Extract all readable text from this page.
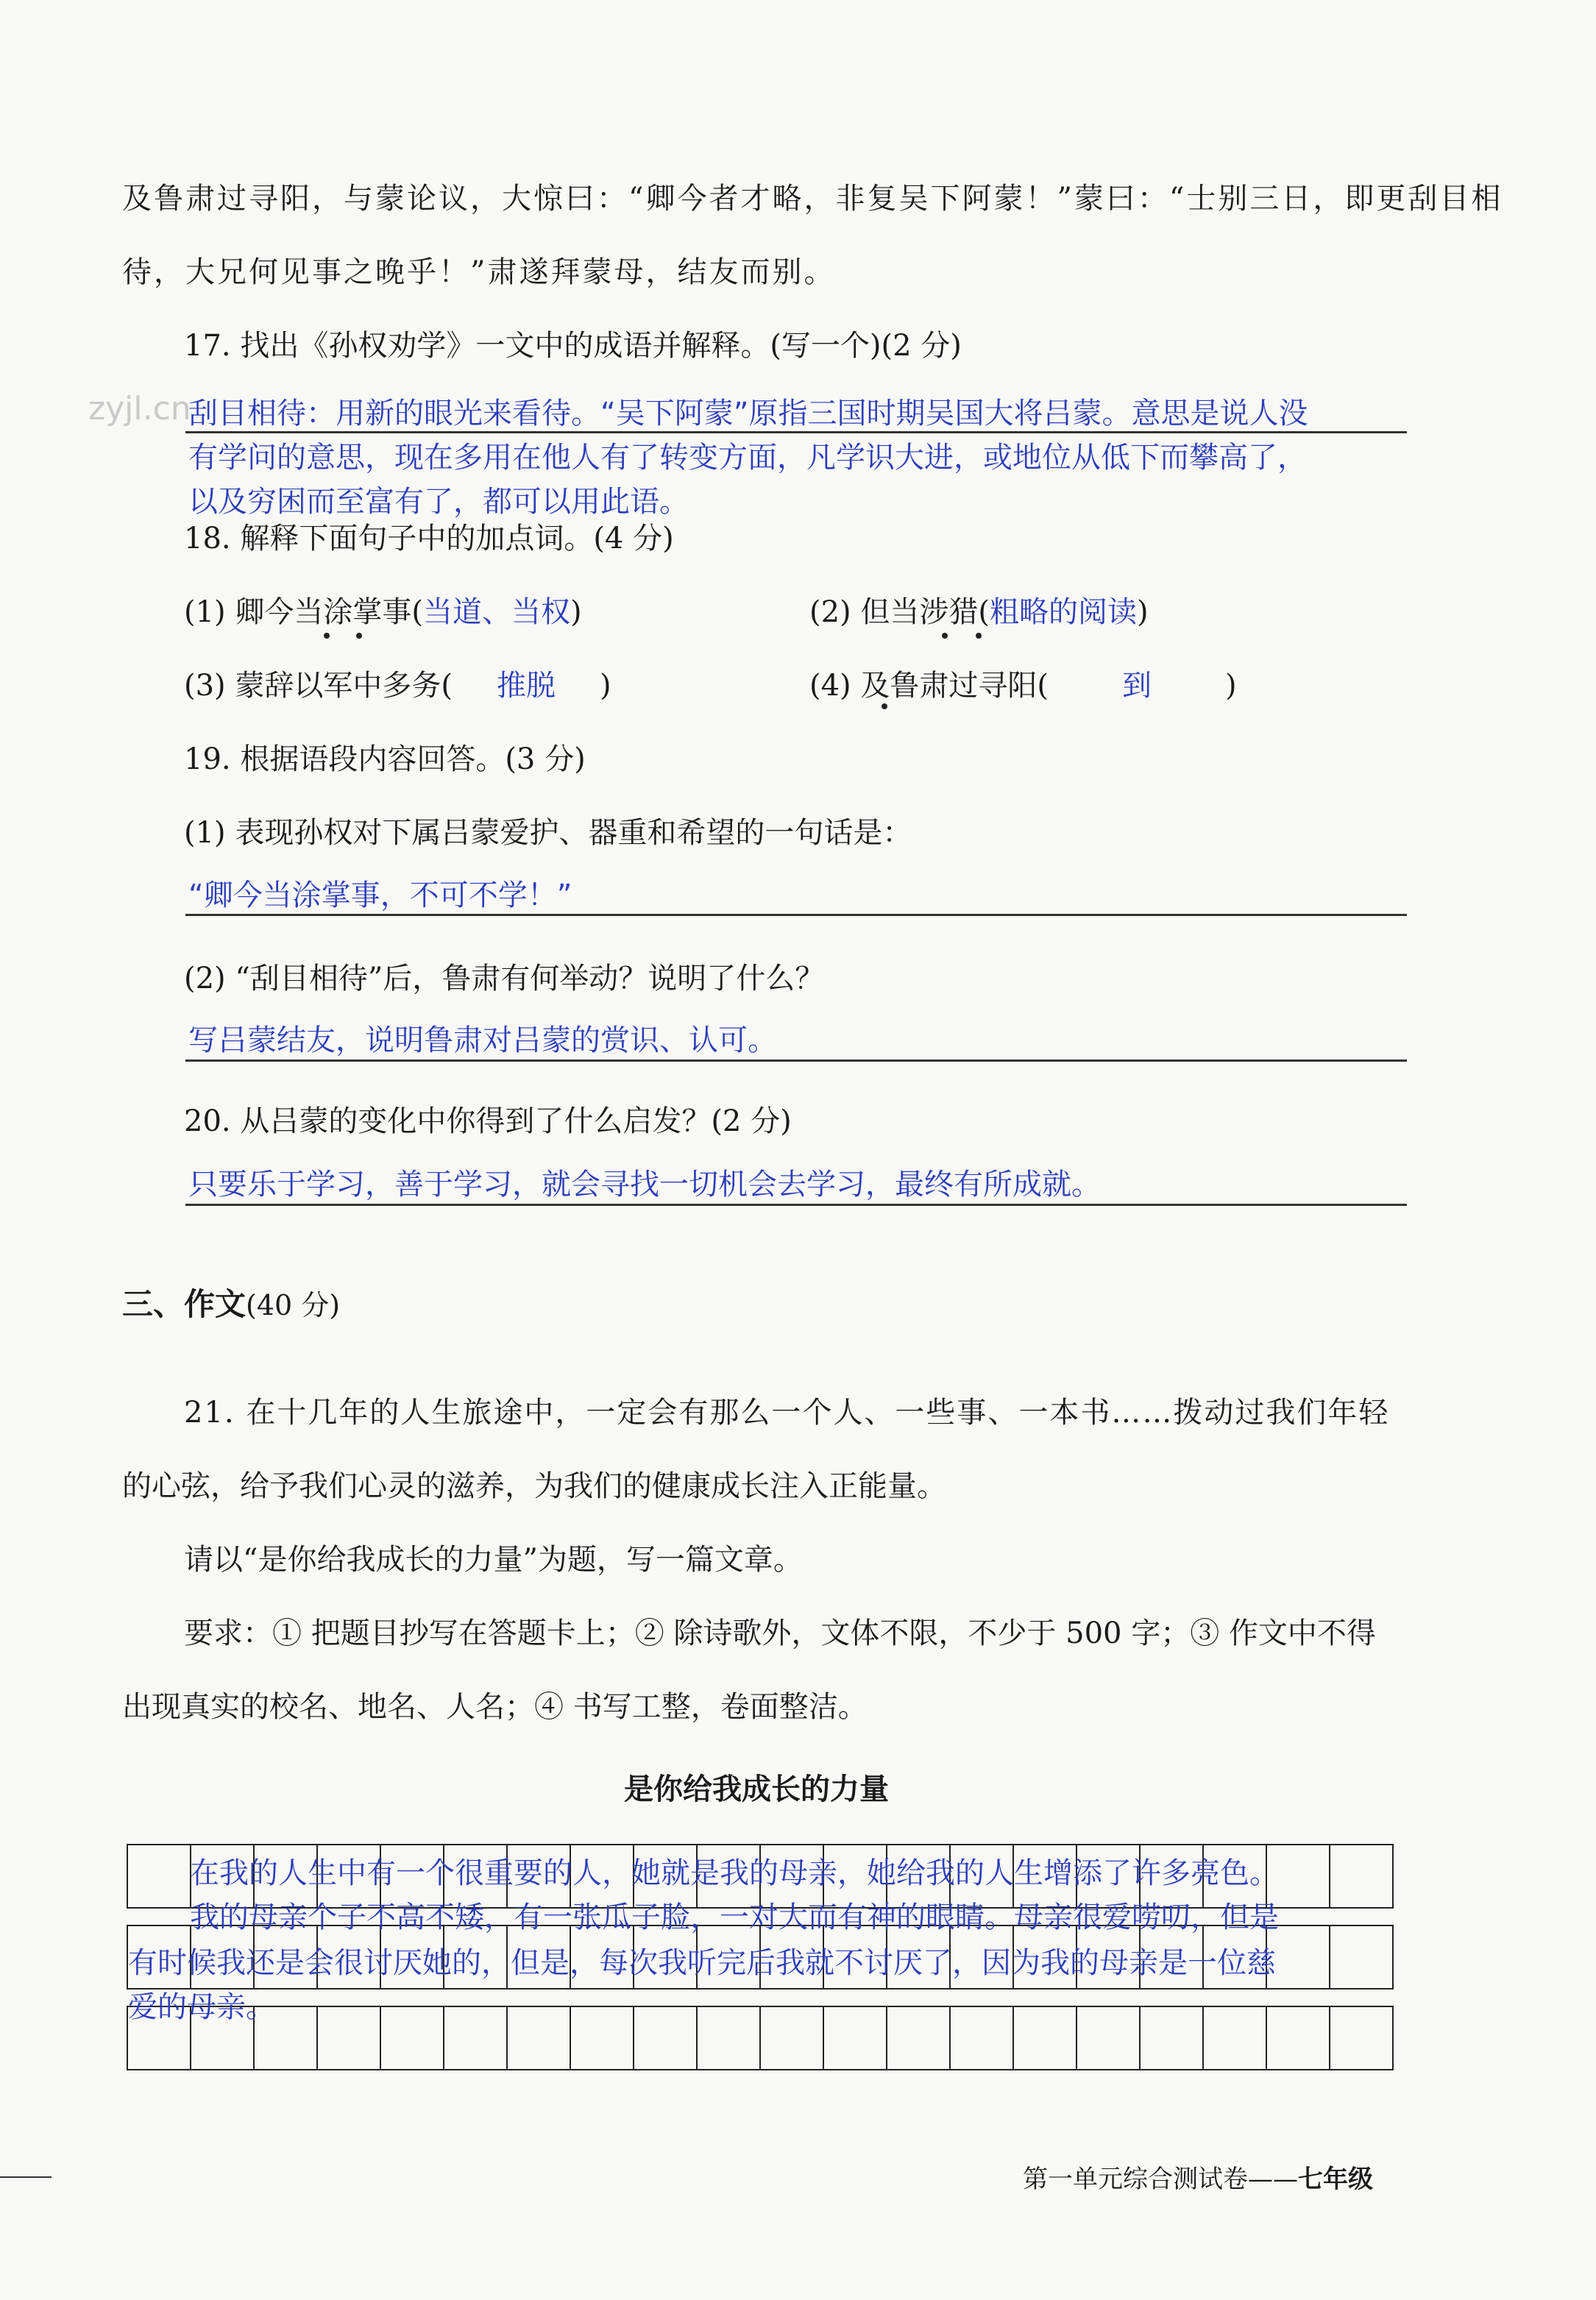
zyjl.cn
及鲁肃过寻阳，与蒙论议，大惊曰：“卿今者才略，非复吴下阿蒙！”蒙曰：“士别三日，即更刮目相
待，大兄何见事之晚乎！”肃遂拜蒙母，结友而别。
17. 找出《孙权劝学》一文中的成语并解释。(写一个)(2 分)
刮目相待：用新的眼光来看待。“吴下阿蒙”原指三国时期吴国大将吕蒙。意思是说人没
有学问的意思，现在多用在他人有了转变方面，凡学识大进，或地位从低下而攀高了，
以及穷困而至富有了，都可以用此语。
18. 解释下面句子中的加点词。(4 分)
(1) 卿今当涂掌事(当道、当权)	(2) 但当涉猎(粗略的阅读)
(3) 蒙辞以军中多务( 推脱 )	(4) 及鲁肃过寻阳(	到	)
19. 根据语段内容回答。(3 分)
(1) 表现孙权对下属吕蒙爱护、器重和希望的一句话是：
“卿今当涂掌事，不可不学！”
(2) “刮目相待”后，鲁肃有何举动？说明了什么？
写吕蒙结友，说明鲁肃对吕蒙的赏识、认可。
20. 从吕蒙的变化中你得到了什么启发？(2 分)
只要乐于学习，善于学习，就会寻找一切机会去学习，最终有所成就。
三、作文(40 分)
21. 在十几年的人生旅途中，一定会有那么一个人、一些事、一本书……拨动过我们年轻
的心弦，给予我们心灵的滋养，为我们的健康成长注入正能量。
请以“是你给我成长的力量”为题，写一篇文章。
要求：① 把题目抄写在答题卡上；② 除诗歌外，文体不限，不少于 500 字；③ 作文中不得
出现真实的校名、地名、人名；④ 书写工整，卷面整洁。
是你给我成长的力量

在我的人生中有一个很重要的人，她就是我的母亲，她给我的人生增添了许多亮色。
我的母亲个子不高不矮，有一张瓜子脸，一对大而有神的眼睛。母亲很爱唠叨，但是
有时候我还是会很讨厌她的，但是，每次我听完后我就不讨厌了，因为我的母亲是一位慈
爱的母亲。
第一单元综合测试卷——七年级
